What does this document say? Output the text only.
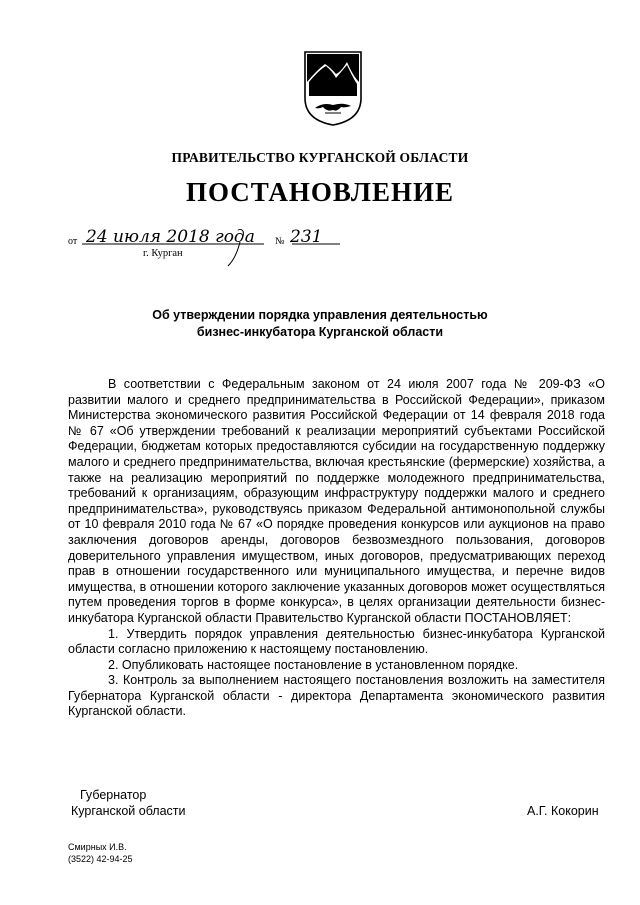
ПРАВИТЕЛЬСТВО КУРГАНСКОЙ ОБЛАСТИ
ПОСТАНОВЛЕНИЕ
от 24 июля 2018 года № 231
г. Курган
Об утверждении порядка управления деятельностью
бизнес-инкубатора Курганской области

В соответствии с Федеральным законом от 24 июля 2007 года № 209-ФЗ «О развитии малого и среднего предпринимательства в Российской Федерации», приказом Министерства экономического развития Российской Федерации от 14 февраля 2018 года № 67 «Об утверждении требований к реализации мероприятий субъектами Российской Федерации, бюджетам которых предоставляются субсидии на государственную поддержку малого и среднего предпринимательства, включая крестьянские (фермерские) хозяйства, а также на реализацию мероприятий по поддержке молодежного предпринимательства, требований к организациям, образующим инфраструктуру поддержки малого и среднего предпринимательства», руководствуясь приказом Федеральной антимонопольной службы от 10 февраля 2010 года № 67 «О порядке проведения конкурсов или аукционов на право заключения договоров аренды, договоров безвозмездного пользования, договоров доверительного управления имуществом, иных договоров, предусматривающих переход прав в отношении государственного или муниципального имущества, и перечне видов имущества, в отношении которого заключение указанных договоров может осуществляться путем проведения торгов в форме конкурса», в целях организации деятельности бизнес-инкубатора Курганской области Правительство Курганской области ПОСТАНОВЛЯЕТ:

1. Утвердить порядок управления деятельностью бизнес-инкубатора Курганской области согласно приложению к настоящему постановлению.

2. Опубликовать настоящее постановление в установленном порядке.

3. Контроль за выполнением настоящего постановления возложить на заместителя Губернатора Курганской области - директора Департамента экономического развития Курганской области.

Губернатор
Курганской области	А.Г. Кокорин
Смирных И.В.
(3522) 42-94-25
